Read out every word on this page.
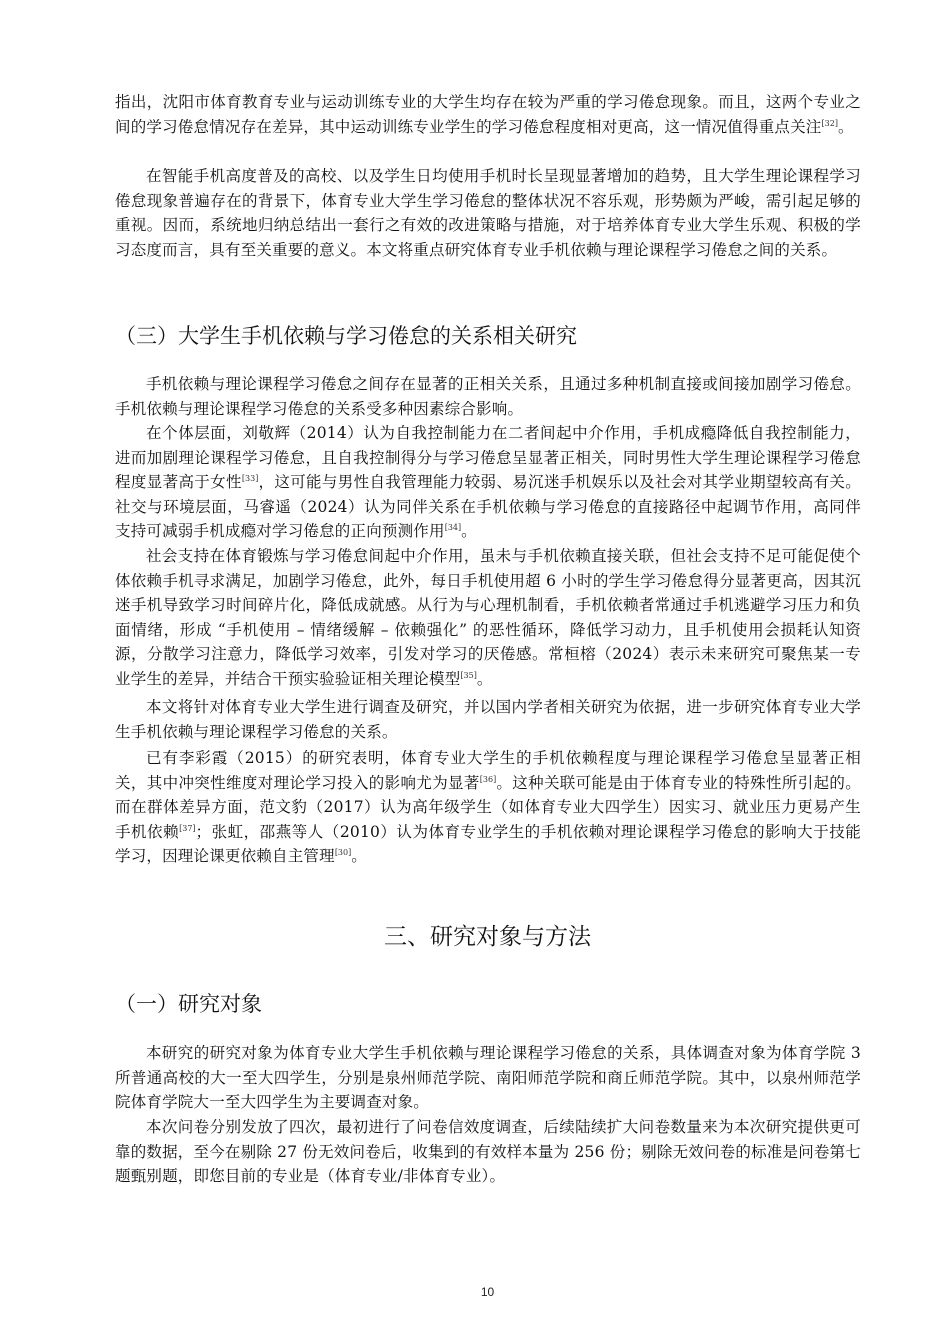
指出，沈阳市体育教育专业与运动训练专业的大学生均存在较为严重的学习倦怠现象。而且，这两个专业之间的学习倦怠情况存在差异，其中运动训练专业学生的学习倦怠程度相对更高，这一情况值得重点关注[32]。

在智能手机高度普及的高校、以及学生日均使用手机时长呈现显著增加的趋势，且大学生理论课程学习倦怠现象普遍存在的背景下，体育专业大学生学习倦怠的整体状况不容乐观，形势颇为严峻，需引起足够的重视。因而，系统地归纳总结出一套行之有效的改进策略与措施，对于培养体育专业大学生乐观、积极的学习态度而言，具有至关重要的意义。本文将重点研究体育专业手机依赖与理论课程学习倦怠之间的关系。

（三）大学生手机依赖与学习倦怠的关系相关研究

手机依赖与理论课程学习倦怠之间存在显著的正相关关系，且通过多种机制直接或间接加剧学习倦怠。手机依赖与理论课程学习倦怠的关系受多种因素综合影响。

在个体层面，刘敬辉（2014）认为自我控制能力在二者间起中介作用，手机成瘾降低自我控制能力，进而加剧理论课程学习倦怠，且自我控制得分与学习倦怠呈显著正相关，同时男性大学生理论课程学习倦怠程度显著高于女性[33]，这可能与男性自我管理能力较弱、易沉迷手机娱乐以及社会对其学业期望较高有关。社交与环境层面，马睿遥（2024）认为同伴关系在手机依赖与学习倦怠的直接路径中起调节作用，高同伴支持可减弱手机成瘾对学习倦怠的正向预测作用[34]。

社会支持在体育锻炼与学习倦怠间起中介作用，虽未与手机依赖直接关联，但社会支持不足可能促使个体依赖手机寻求满足，加剧学习倦怠，此外，每日手机使用超 6 小时的学生学习倦怠得分显著更高，因其沉迷手机导致学习时间碎片化，降低成就感。从行为与心理机制看，手机依赖者常通过手机逃避学习压力和负面情绪，形成 “手机使用 – 情绪缓解 – 依赖强化” 的恶性循环，降低学习动力，且手机使用会损耗认知资源，分散学习注意力，降低学习效率，引发对学习的厌倦感。常桓榕（2024）表示未来研究可聚焦某一专业学生的差异，并结合干预实验验证相关理论模型[35]。

本文将针对体育专业大学生进行调查及研究，并以国内学者相关研究为依据，进一步研究体育专业大学生手机依赖与理论课程学习倦怠的关系。

已有李彩霞（2015）的研究表明，体育专业大学生的手机依赖程度与理论课程学习倦怠呈显著正相关，其中冲突性维度对理论学习投入的影响尤为显著[36]。这种关联可能是由于体育专业的特殊性所引起的。而在群体差异方面，范文豹（2017）认为高年级学生（如体育专业大四学生）因实习、就业压力更易产生手机依赖[37]；张虹，邵燕等人（2010）认为体育专业学生的手机依赖对理论课程学习倦怠的影响大于技能学习，因理论课更依赖自主管理[30]。

三、研究对象与方法
（一）研究对象

本研究的研究对象为体育专业大学生手机依赖与理论课程学习倦怠的关系，具体调查对象为体育学院 3 所普通高校的大一至大四学生，分别是泉州师范学院、南阳师范学院和商丘师范学院。其中，以泉州师范学院体育学院大一至大四学生为主要调查对象。

本次问卷分别发放了四次，最初进行了问卷信效度调查，后续陆续扩大问卷数量来为本次研究提供更可靠的数据，至今在剔除 27 份无效问卷后，收集到的有效样本量为 256 份；剔除无效问卷的标准是问卷第七题甄别题，即您目前的专业是（体育专业/非体育专业）。

10
